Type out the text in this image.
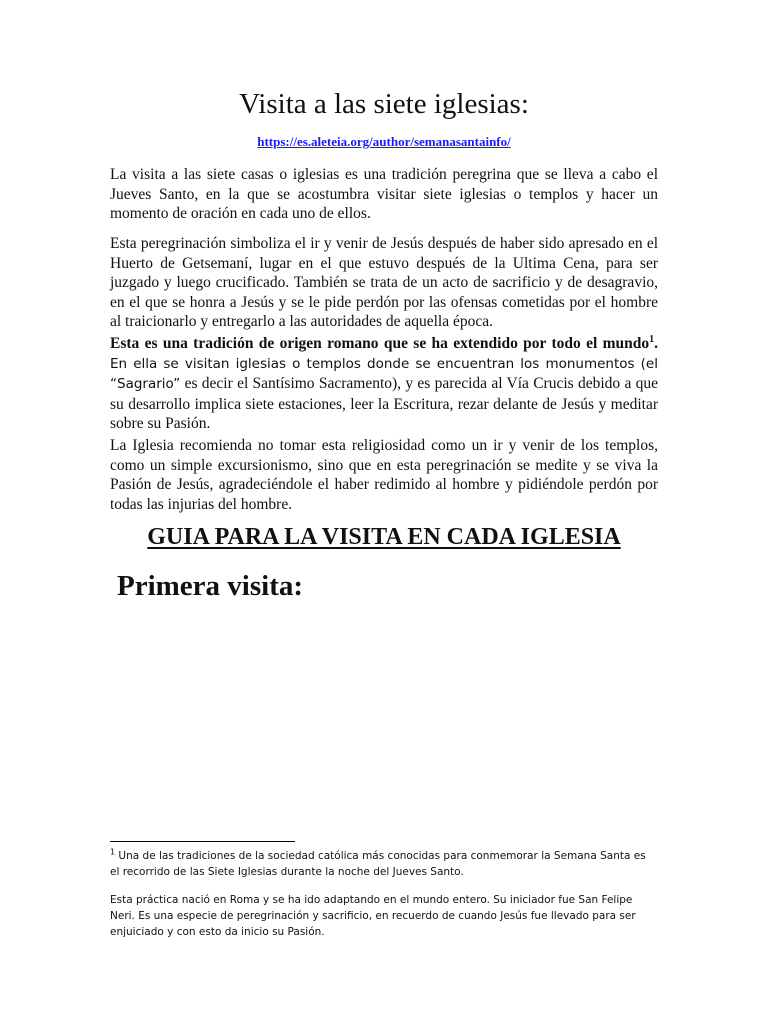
Visita a las siete iglesias:
https://es.aleteia.org/author/semanasantainfo/

La visita a las siete casas o iglesias es una tradición peregrina que se lleva a cabo el Jueves Santo, en la que se acostumbra visitar siete iglesias o templos y hacer un momento de oración en cada uno de ellos.

Esta peregrinación simboliza el ir y venir de Jesús después de haber sido apresado en el Huerto de Getsemaní, lugar en el que estuvo después de la Ultima Cena, para ser juzgado y luego crucificado. También se trata de un acto de sacrificio y de desagravio, en el que se honra a Jesús y se le pide perdón por las ofensas cometidas por el hombre al traicionarlo y entregarlo a las autoridades de aquella época.

Esta es una tradición de origen romano que se ha extendido por todo el mundo$^1$. En ella se visitan iglesias o templos donde se encuentran los monumentos (el “Sagrario” es decir el Santísimo Sacramento), y es parecida al Vía Crucis debido a que su desarrollo implica siete estaciones, leer la Escritura, rezar delante de Jesús y meditar sobre su Pasión.

La Iglesia recomienda no tomar esta religiosidad como un ir y venir de los templos, como un simple excursionismo, sino que en esta peregrinación se medite y se viva la Pasión de Jesús, agradeciéndole el haber redimido al hombre y pidiéndole perdón por todas las injurias del hombre.

GUIA PARA LA VISITA EN CADA IGLESIA
Primera visita:

$^1$ Una de las tradiciones de la sociedad católica más conocidas para conmemorar la Semana Santa es el recorrido de las Siete Iglesias durante la noche del Jueves Santo.

Esta práctica nació en Roma y se ha ido adaptando en el mundo entero. Su iniciador fue San Felipe Neri. Es una especie de peregrinación y sacrificio, en recuerdo de cuando Jesús fue llevado para ser enjuiciado y con esto da inicio su Pasión.
